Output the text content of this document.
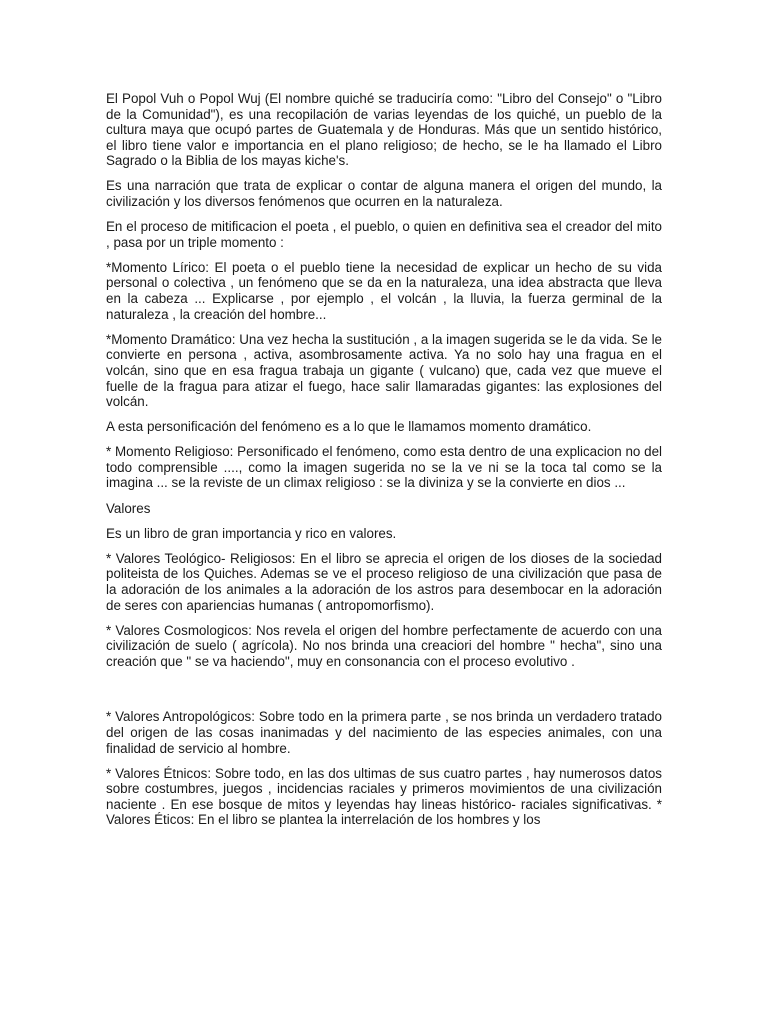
El Popol Vuh o Popol Wuj (El nombre quiché se traduciría como: "Libro del Consejo" o "Libro de la Comunidad"), es una recopilación de varias leyendas de los quiché, un pueblo de la cultura maya que ocupó partes de Guatemala y de Honduras. Más que un sentido histórico, el libro tiene valor e importancia en el plano religioso; de hecho, se le ha llamado el Libro Sagrado o la Biblia de los mayas kiche's.

Es una narración que trata de explicar o contar de alguna manera el origen del mundo, la civilización y los diversos fenómenos que ocurren en la naturaleza.

En el proceso de mitificacion el poeta , el pueblo, o quien en definitiva sea el creador del mito , pasa por un triple momento :

*Momento Lírico: El poeta o el pueblo tiene la necesidad de explicar un hecho de su vida personal o colectiva , un fenómeno que se da en la naturaleza, una idea abstracta que lleva en la cabeza ... Explicarse , por ejemplo , el volcán , la lluvia, la fuerza germinal de la naturaleza , la creación del hombre...

*Momento Dramático: Una vez hecha la sustitución , a la imagen sugerida se le da vida. Se le convierte en persona , activa, asombrosamente activa. Ya no solo hay una fragua en el volcán, sino que en esa fragua trabaja un gigante ( vulcano) que, cada vez que mueve el fuelle de la fragua para atizar el fuego, hace salir llamaradas gigantes: las explosiones del volcán.

A esta personificación del fenómeno es a lo que le llamamos momento dramático.

* Momento Religioso: Personificado el fenómeno, como esta dentro de una explicacion no del todo comprensible ...., como la imagen sugerida no se la ve ni se la toca tal como se la imagina ... se la reviste de un climax religioso : se la diviniza y se la convierte en dios ...

Valores

Es un libro de gran importancia y rico en valores.

* Valores Teológico- Religiosos: En el libro se aprecia el origen de los dioses de la sociedad politeista de los Quiches. Ademas se ve el proceso religioso de una civilización que pasa de la adoración de los animales a la adoración de los astros para desembocar en la adoración de seres con apariencias humanas ( antropomorfismo).

* Valores Cosmologicos: Nos revela el origen del hombre perfectamente de acuerdo con una civilización de suelo ( agrícola). No nos brinda una creaciori del hombre " hecha", sino una creación que " se va haciendo", muy en consonancia con el proceso evolutivo .

* Valores Antropológicos: Sobre todo en la primera parte , se nos brinda un verdadero tratado del origen de las cosas inanimadas y del nacimiento de las especies animales, con una finalidad de servicio al hombre.

* Valores Étnicos: Sobre todo, en las dos ultimas de sus cuatro partes , hay numerosos datos sobre costumbres, juegos , incidencias raciales y primeros movimientos de una civilización naciente . En ese bosque de mitos y leyendas hay lineas histórico- raciales significativas. * Valores Éticos: En el libro se plantea la interrelación de los hombres y los
